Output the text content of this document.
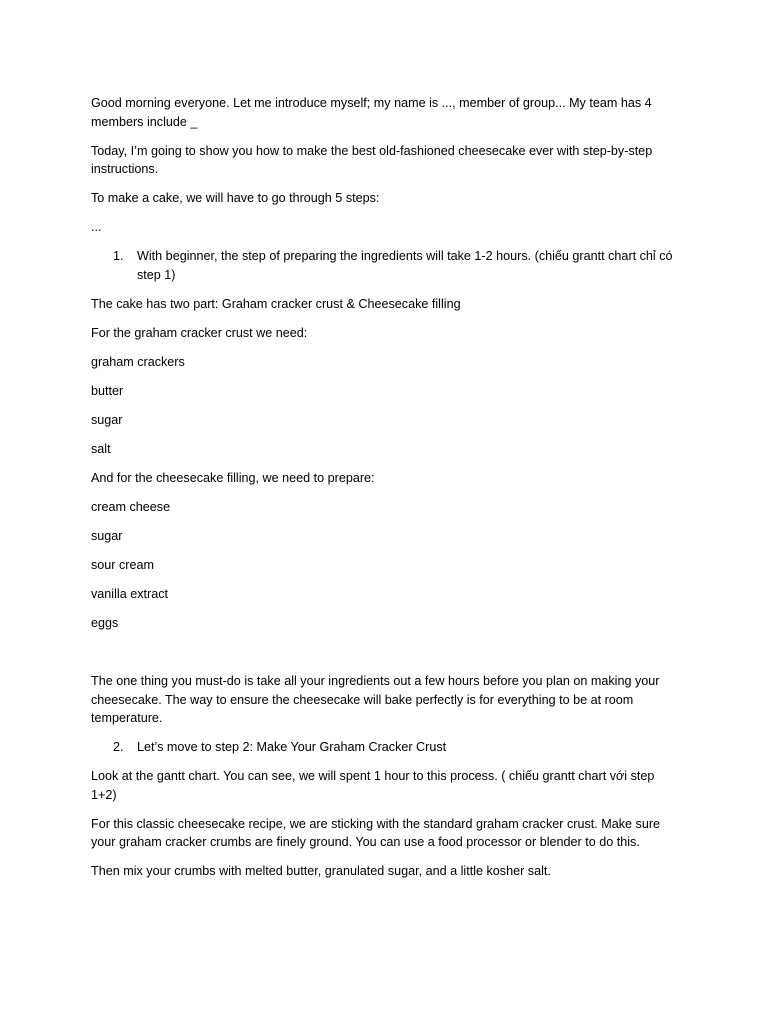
Good morning everyone. Let me introduce myself; my name is ..., member of group... My team has 4 members include _

Today, I’m going to show you how to make the best old-fashioned cheesecake ever with step-by-step instructions.

To make a cake, we will have to go through 5 steps:

...

1.	With beginner, the step of preparing the ingredients will take 1-2 hours. (chiếu grantt chart chỉ có step 1)

The cake has two part: Graham cracker crust & Cheesecake filling

For the graham cracker crust we need:

graham crackers

butter

sugar

salt

And for the cheesecake filling, we need to prepare:

cream cheese

sugar

sour cream

vanilla extract

eggs

The one thing you must-do is take all your ingredients out a few hours before you plan on making your cheesecake. The way to ensure the cheesecake will bake perfectly is for everything to be at room temperature.

2.	Let’s move to step 2: Make Your Graham Cracker Crust

Look at the gantt chart. You can see, we will spent 1 hour to this process. ( chiếu grantt chart với step 1+2)

For this classic cheesecake recipe, we are sticking with the standard graham cracker crust. Make sure your graham cracker crumbs are finely ground. You can use a food processor or blender to do this.

Then mix your crumbs with melted butter, granulated sugar, and a little kosher salt.
